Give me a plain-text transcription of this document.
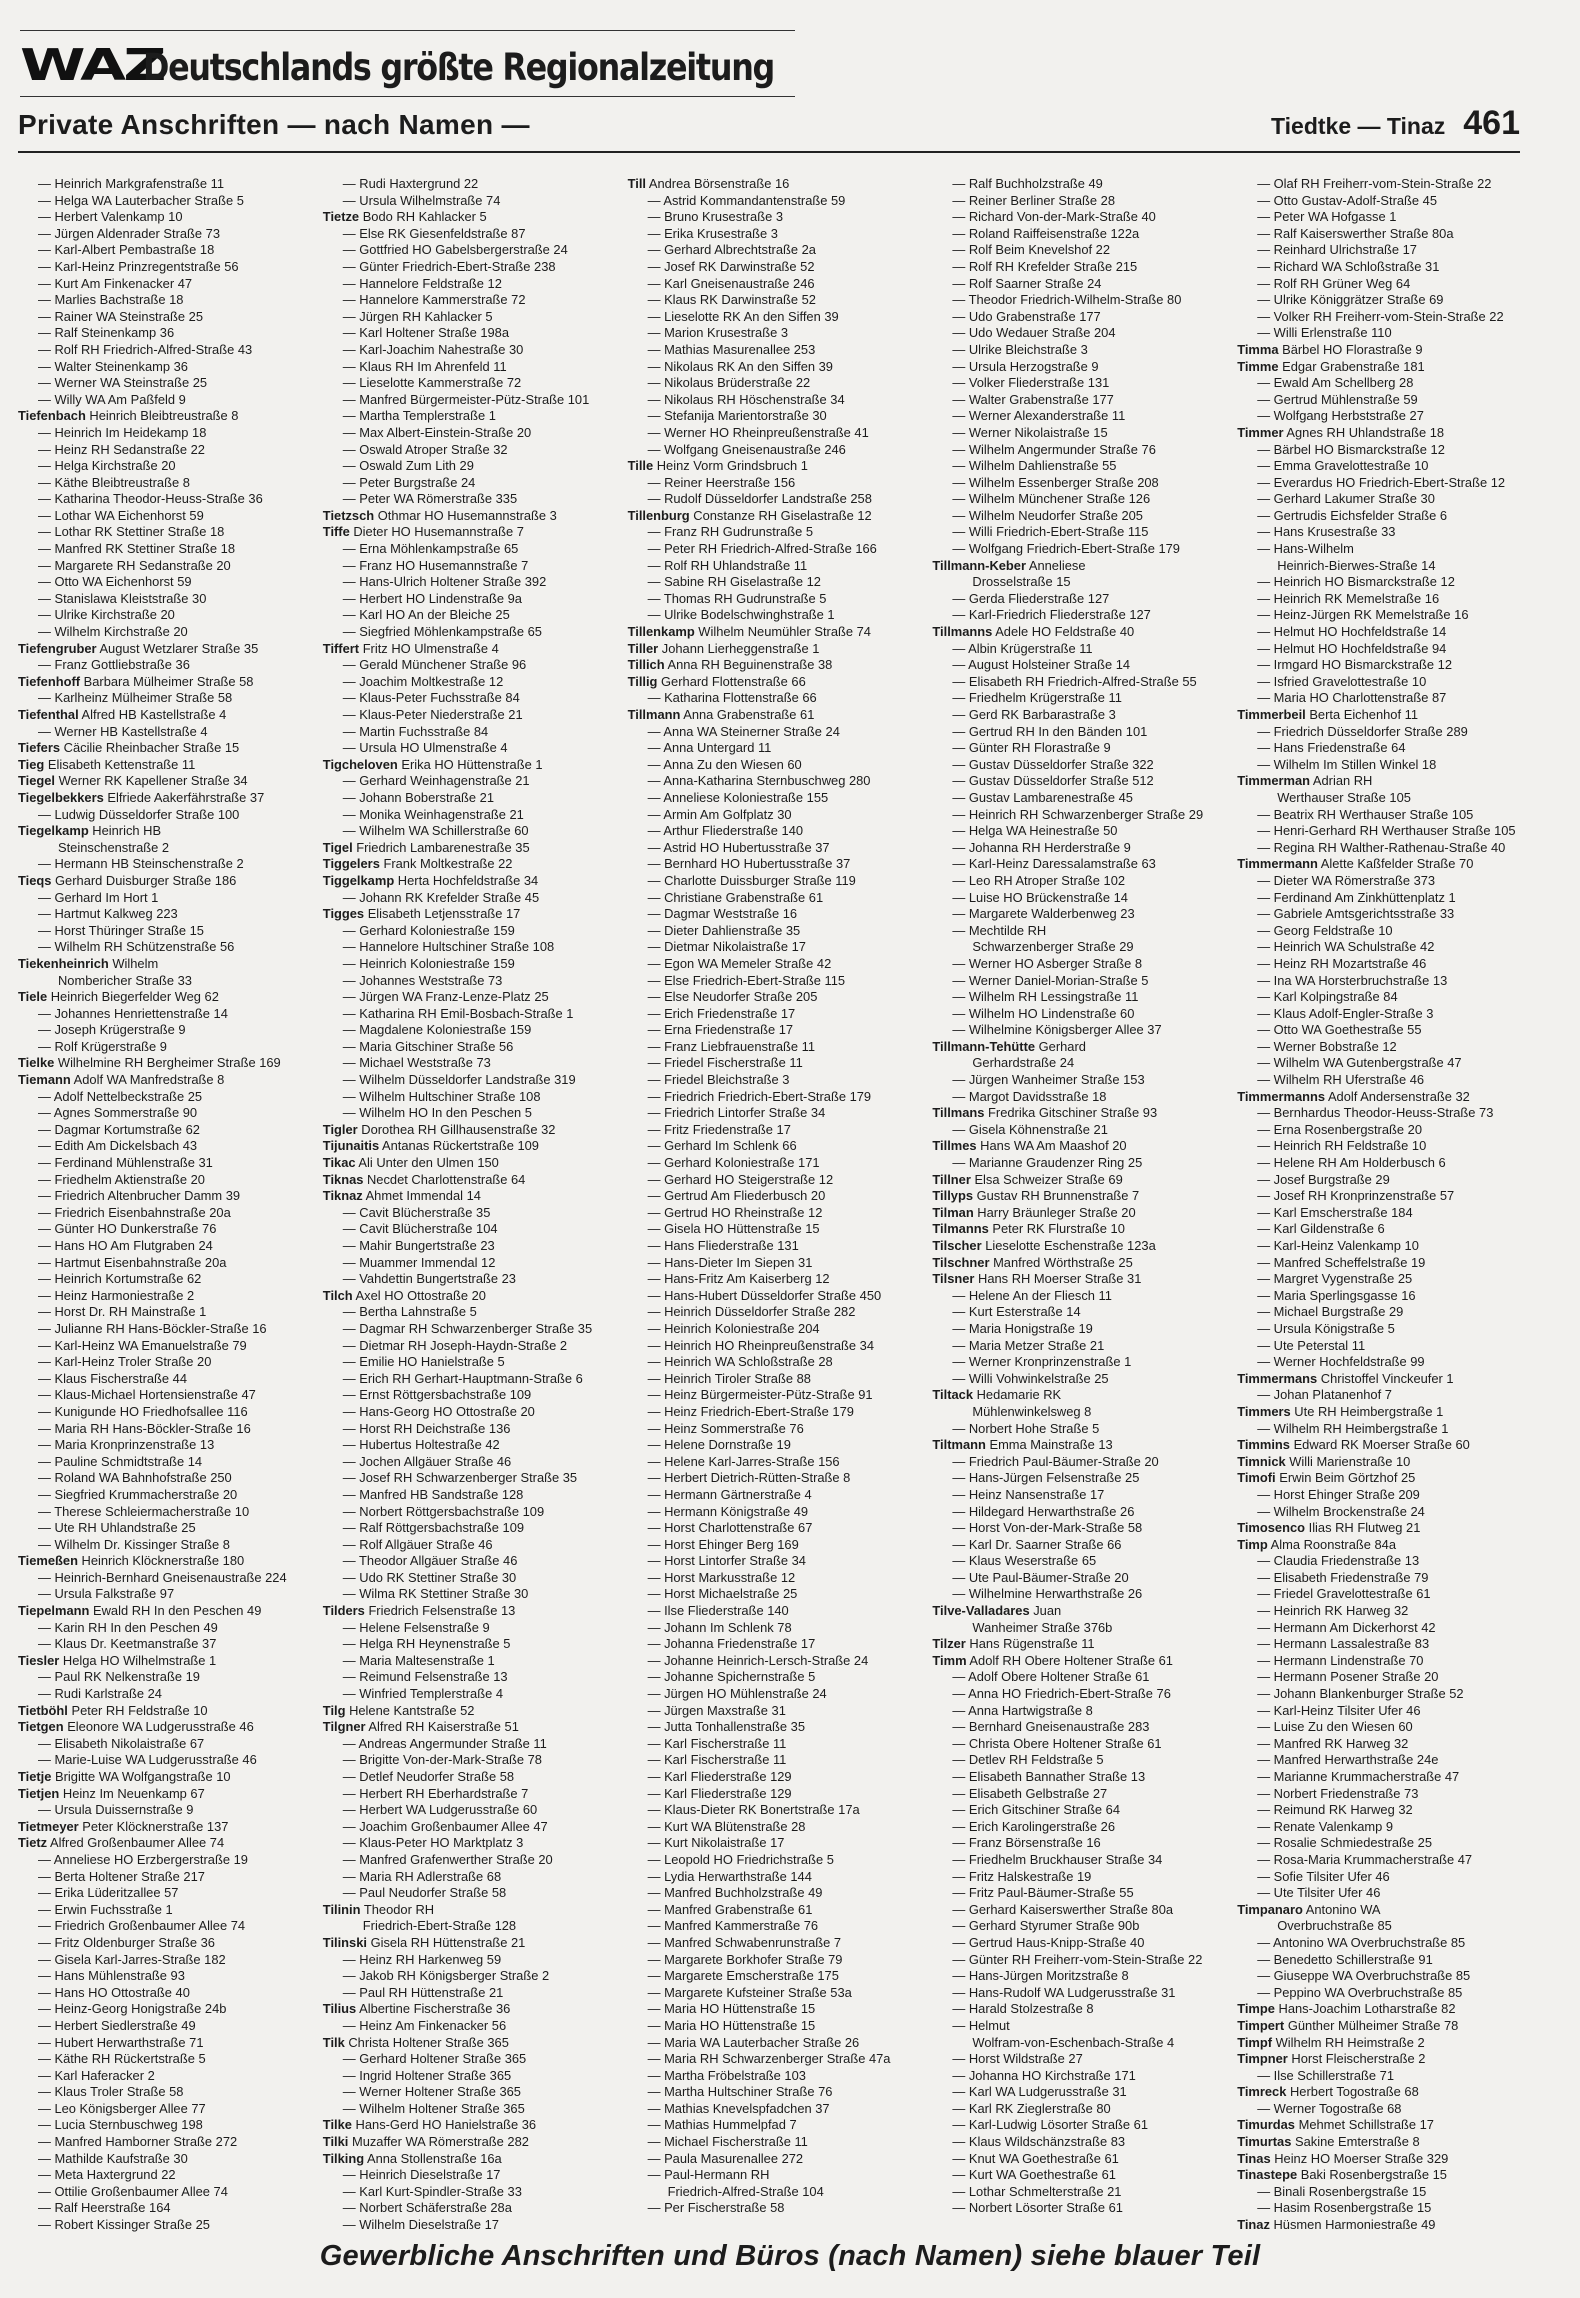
WAZ
Deutschlands größte Regionalzeitung
Private Anschriften — nach Namen —	Tiedtke — Tinaz 461
— Heinrich Markgrafenstraße 11
— Helga WA Lauterbacher Straße 5
— Herbert Valenkamp 10
— Jürgen Aldenrader Straße 73
— Karl-Albert Pembastraße 18
— Karl-Heinz Prinzregentstraße 56
— Kurt Am Finkenacker 47
— Marlies Bachstraße 18
— Rainer WA Steinstraße 25
— Ralf Steinenkamp 36
— Rolf RH Friedrich-Alfred-Straße 43
— Walter Steinenkamp 36
— Werner WA Steinstraße 25
— Willy WA Am Paßfeld 9
Tiefenbach Heinrich Bleibtreustraße 8
— Heinrich Im Heidekamp 18
— Heinz RH Sedanstraße 22
— Helga Kirchstraße 20
— Käthe Bleibtreustraße 8
— Katharina Theodor-Heuss-Straße 36
— Lothar WA Eichenhorst 59
— Lothar RK Stettiner Straße 18
— Manfred RK Stettiner Straße 18
— Margarete RH Sedanstraße 20
— Otto WA Eichenhorst 59
— Stanislawa Kleiststraße 30
— Ulrike Kirchstraße 20
— Wilhelm Kirchstraße 20
Tiefengruber August Wetzlarer Straße 35
— Franz Gottliebstraße 36
Tiefenhoff Barbara Mülheimer Straße 58
— Karlheinz Mülheimer Straße 58
Tiefenthal Alfred HB Kastellstraße 4
— Werner HB Kastellstraße 4
Tiefers Cäcilie Rheinbacher Straße 15
Tieg Elisabeth Kettenstraße 11
Tiegel Werner RK Kapellener Straße 34
Tiegelbekkers Elfriede Aakerfährstraße 37
— Ludwig Düsseldorfer Straße 100
Tiegelkamp Heinrich HB
Steinschenstraße 2
— Hermann HB Steinschenstraße 2
Tieqs Gerhard Duisburger Straße 186
— Gerhard Im Hort 1
— Hartmut Kalkweg 223
— Horst Thüringer Straße 15
— Wilhelm RH Schützenstraße 56
Tiekenheinrich Wilhelm
Nombericher Straße 33
Tiele Heinrich Biegerfelder Weg 62
— Johannes Henriettenstraße 14
— Joseph Krügerstraße 9
— Rolf Krügerstraße 9
Tielke Wilhelmine RH Bergheimer Straße 169
Tiemann Adolf WA Manfredstraße 8
— Adolf Nettelbeckstraße 25
— Agnes Sommerstraße 90
— Dagmar Kortumstraße 62
— Edith Am Dickelsbach 43
— Ferdinand Mühlenstraße 31
— Friedhelm Aktienstraße 20
— Friedrich Altenbrucher Damm 39
— Friedrich Eisenbahnstraße 20a
— Günter HO Dunkerstraße 76
— Hans HO Am Flutgraben 24
— Hartmut Eisenbahnstraße 20a
— Heinrich Kortumstraße 62
— Heinz Harmoniestraße 2
— Horst Dr. RH Mainstraße 1
— Julianne RH Hans-Böckler-Straße 16
— Karl-Heinz WA Emanuelstraße 79
— Karl-Heinz Troler Straße 20
— Klaus Fischerstraße 44
— Klaus-Michael Hortensienstraße 47
— Kunigunde HO Friedhofsallee 116
— Maria RH Hans-Böckler-Straße 16
— Maria Kronprinzenstraße 13
— Pauline Schmidtstraße 14
— Roland WA Bahnhofstraße 250
— Siegfried Krummacherstraße 20
— Therese Schleiermacherstraße 10
— Ute RH Uhlandstraße 25
— Wilhelm Dr. Kissinger Straße 8
Tiemeßen Heinrich Klöcknerstraße 180
— Heinrich-Bernhard Gneisenaustraße 224
— Ursula Falkstraße 97
Tiepelmann Ewald RH In den Peschen 49
— Karin RH In den Peschen 49
— Klaus Dr. Keetmanstraße 37
Tiesler Helga HO Wilhelmstraße 1
— Paul RK Nelkenstraße 19
— Rudi Karlstraße 24
Tietböhl Peter RH Feldstraße 10
Tietgen Eleonore WA Ludgerusstraße 46
— Elisabeth Nikolaistraße 67
— Marie-Luise WA Ludgerusstraße 46
Tietje Brigitte WA Wolfgangstraße 10
Tietjen Heinz Im Neuenkamp 67
— Ursula Duissernstraße 9
Tietmeyer Peter Klöcknerstraße 137
Tietz Alfred Großenbaumer Allee 74
— Anneliese HO Erzbergerstraße 19
— Berta Holtener Straße 217
— Erika Lüderitzallee 57
— Erwin Fuchsstraße 1
— Friedrich Großenbaumer Allee 74
— Fritz Oldenburger Straße 36
— Gisela Karl-Jarres-Straße 182
— Hans Mühlenstraße 93
— Hans HO Ottostraße 40
— Heinz-Georg Honigstraße 24b
— Herbert Siedlerstraße 49
— Hubert Herwarthstraße 71
— Käthe RH Rückertstraße 5
— Karl Haferacker 2
— Klaus Troler Straße 58
— Leo Königsberger Allee 77
— Lucia Sternbuschweg 198
— Manfred Hamborner Straße 272
— Mathilde Kaufstraße 30
— Meta Haxtergrund 22
— Ottilie Großenbaumer Allee 74
— Ralf Heerstraße 164
— Robert Kissinger Straße 25
— Rudi Haxtergrund 22
— Ursula Wilhelmstraße 74
Tietze Bodo RH Kahlacker 5
— Else RK Giesenfeldstraße 87
— Gottfried HO Gabelsbergerstraße 24
— Günter Friedrich-Ebert-Straße 238
— Hannelore Feldstraße 12
— Hannelore Kammerstraße 72
— Jürgen RH Kahlacker 5
— Karl Holtener Straße 198a
— Karl-Joachim Nahestraße 30
— Klaus RH Im Ahrenfeld 11
— Lieselotte Kammerstraße 72
— Manfred Bürgermeister-Pütz-Straße 101
— Martha Templerstraße 1
— Max Albert-Einstein-Straße 20
— Oswald Atroper Straße 32
— Oswald Zum Lith 29
— Peter Burgstraße 24
— Peter WA Römerstraße 335
Tietzsch Othmar HO Husemannstraße 3
Tiffe Dieter HO Husemannstraße 7
— Erna Möhlenkampstraße 65
— Franz HO Husemannstraße 7
— Hans-Ulrich Holtener Straße 392
— Herbert HO Lindenstraße 9a
— Karl HO An der Bleiche 25
— Siegfried Möhlenkampstraße 65
Tiffert Fritz HO Ulmenstraße 4
— Gerald Münchener Straße 96
— Joachim Moltkestraße 12
— Klaus-Peter Fuchsstraße 84
— Klaus-Peter Niederstraße 21
— Martin Fuchsstraße 84
— Ursula HO Ulmenstraße 4
Tigcheloven Erika HO Hüttenstraße 1
— Gerhard Weinhagenstraße 21
— Johann Boberstraße 21
— Monika Weinhagenstraße 21
— Wilhelm WA Schillerstraße 60
Tigel Friedrich Lambarenestraße 35
Tiggelers Frank Moltkestraße 22
Tiggelkamp Herta Hochfeldstraße 34
— Johann RK Krefelder Straße 45
Tigges Elisabeth Letjensstraße 17
— Gerhard Koloniestraße 159
— Hannelore Hultschiner Straße 108
— Heinrich Koloniestraße 159
— Johannes Weststraße 73
— Jürgen WA Franz-Lenze-Platz 25
— Katharina RH Emil-Bosbach-Straße 1
— Magdalene Koloniestraße 159
— Maria Gitschiner Straße 56
— Michael Weststraße 73
— Wilhelm Düsseldorfer Landstraße 319
— Wilhelm Hultschiner Straße 108
— Wilhelm HO In den Peschen 5
Tigler Dorothea RH Gillhausenstraße 32
Tijunaitis Antanas Rückertstraße 109
Tikac Ali Unter den Ulmen 150
Tiknas Necdet Charlottenstraße 64
Tiknaz Ahmet Immendal 14
— Cavit Blücherstraße 35
— Cavit Blücherstraße 104
— Mahir Bungertstraße 23
— Muammer Immendal 12
— Vahdettin Bungertstraße 23
Tilch Axel HO Ottostraße 20
— Bertha Lahnstraße 5
— Dagmar RH Schwarzenberger Straße 35
— Dietmar RH Joseph-Haydn-Straße 2
— Emilie HO Hanielstraße 5
— Erich RH Gerhart-Hauptmann-Straße 6
— Ernst Röttgersbachstraße 109
— Hans-Georg HO Ottostraße 20
— Horst RH Deichstraße 136
— Hubertus Holtestraße 42
— Jochen Allgäuer Straße 46
— Josef RH Schwarzenberger Straße 35
— Manfred HB Sandstraße 128
— Norbert Röttgersbachstraße 109
— Ralf Röttgersbachstraße 109
— Rolf Allgäuer Straße 46
— Theodor Allgäuer Straße 46
— Udo RK Stettiner Straße 30
— Wilma RK Stettiner Straße 30
Tilders Friedrich Felsenstraße 13
— Helene Felsenstraße 9
— Helga RH Heynenstraße 5
— Maria Maltesenstraße 1
— Reimund Felsenstraße 13
— Winfried Templerstraße 4
Tilg Helene Kantstraße 52
Tilgner Alfred RH Kaiserstraße 51
— Andreas Angermunder Straße 11
— Brigitte Von-der-Mark-Straße 78
— Detlef Neudorfer Straße 58
— Herbert RH Eberhardstraße 7
— Herbert WA Ludgerusstraße 60
— Joachim Großenbaumer Allee 47
— Klaus-Peter HO Marktplatz 3
— Manfred Grafenwerther Straße 20
— Maria RH Adlerstraße 68
— Paul Neudorfer Straße 58
Tilinin Theodor RH
Friedrich-Ebert-Straße 128
Tilinski Gisela RH Hüttenstraße 21
— Heinz RH Harkenweg 59
— Jakob RH Königsberger Straße 2
— Paul RH Hüttenstraße 21
Tilius Albertine Fischerstraße 36
— Heinz Am Finkenacker 56
Tilk Christa Holtener Straße 365
— Gerhard Holtener Straße 365
— Ingrid Holtener Straße 365
— Werner Holtener Straße 365
— Wilhelm Holtener Straße 365
Tilke Hans-Gerd HO Hanielstraße 36
Tilki Muzaffer WA Römerstraße 282
Tilking Anna Stollenstraße 16a
— Heinrich Dieselstraße 17
— Karl Kurt-Spindler-Straße 33
— Norbert Schäferstraße 28a
— Wilhelm Dieselstraße 17
Till Andrea Börsenstraße 16
— Astrid Kommandantenstraße 59
— Bruno Krusestraße 3
— Erika Krusestraße 3
— Gerhard Albrechtstraße 2a
— Josef RK Darwinstraße 52
— Karl Gneisenaustraße 246
— Klaus RK Darwinstraße 52
— Lieselotte RK An den Siffen 39
— Marion Krusestraße 3
— Mathias Masurenallee 253
— Nikolaus RK An den Siffen 39
— Nikolaus Brüderstraße 22
— Nikolaus RH Höschenstraße 34
— Stefanija Marientorstraße 30
— Werner HO Rheinpreußenstraße 41
— Wolfgang Gneisenaustraße 246
Tille Heinz Vorm Grindsbruch 1
— Reiner Heerstraße 156
— Rudolf Düsseldorfer Landstraße 258
Tillenburg Constanze RH Giselastraße 12
— Franz RH Gudrunstraße 5
— Peter RH Friedrich-Alfred-Straße 166
— Rolf RH Uhlandstraße 11
— Sabine RH Giselastraße 12
— Thomas RH Gudrunstraße 5
— Ulrike Bodelschwinghstraße 1
Tillenkamp Wilhelm Neumühler Straße 74
Tiller Johann Lierheggenstraße 1
Tillich Anna RH Beguinenstraße 38
Tillig Gerhard Flottenstraße 66
— Katharina Flottenstraße 66
Tillmann Anna Grabenstraße 61
— Anna WA Steinerner Straße 24
— Anna Untergard 11
— Anna Zu den Wiesen 60
— Anna-Katharina Sternbuschweg 280
— Anneliese Koloniestraße 155
— Armin Am Golfplatz 30
— Arthur Fliederstraße 140
— Astrid HO Hubertusstraße 37
— Bernhard HO Hubertusstraße 37
— Charlotte Duissburger Straße 119
— Christiane Grabenstraße 61
— Dagmar Weststraße 16
— Dieter Dahlienstraße 35
— Dietmar Nikolaistraße 17
— Egon WA Memeler Straße 42
— Else Friedrich-Ebert-Straße 115
— Else Neudorfer Straße 205
— Erich Friedenstraße 17
— Erna Friedenstraße 17
— Franz Liebfrauenstraße 11
— Friedel Fischerstraße 11
— Friedel Bleichstraße 3
— Friedrich Friedrich-Ebert-Straße 179
— Friedrich Lintorfer Straße 34
— Fritz Friedenstraße 17
— Gerhard Im Schlenk 66
— Gerhard Koloniestraße 171
— Gerhard HO Steigerstraße 12
— Gertrud Am Fliederbusch 20
— Gertrud HO Rheinstraße 12
— Gisela HO Hüttenstraße 15
— Hans Fliederstraße 131
— Hans-Dieter Im Siepen 31
— Hans-Fritz Am Kaiserberg 12
— Hans-Hubert Düsseldorfer Straße 450
— Heinrich Düsseldorfer Straße 282
— Heinrich Koloniestraße 204
— Heinrich HO Rheinpreußenstraße 34
— Heinrich WA Schloßstraße 28
— Heinrich Tiroler Straße 88
— Heinz Bürgermeister-Pütz-Straße 91
— Heinz Friedrich-Ebert-Straße 179
— Heinz Sommerstraße 76
— Helene Dornstraße 19
— Helene Karl-Jarres-Straße 156
— Herbert Dietrich-Rütten-Straße 8
— Hermann Gärtnerstraße 4
— Hermann Königstraße 49
— Horst Charlottenstraße 67
— Horst Ehinger Berg 169
— Horst Lintorfer Straße 34
— Horst Markusstraße 12
— Horst Michaelstraße 25
— Ilse Fliederstraße 140
— Johann Im Schlenk 78
— Johanna Friedenstraße 17
— Johanne Heinrich-Lersch-Straße 24
— Johanne Spichernstraße 5
— Jürgen HO Mühlenstraße 24
— Jürgen Maxstraße 31
— Jutta Tonhallenstraße 35
— Karl Fischerstraße 11
— Karl Fischerstraße 11
— Karl Fliederstraße 129
— Karl Fliederstraße 129
— Klaus-Dieter RK Bonertstraße 17a
— Kurt WA Blütenstraße 28
— Kurt Nikolaistraße 17
— Leopold HO Friedrichstraße 5
— Lydia Herwarthstraße 144
— Manfred Buchholzstraße 49
— Manfred Grabenstraße 61
— Manfred Kammerstraße 76
— Manfred Schwabenrunstraße 7
— Margarete Borkhofer Straße 79
— Margarete Emscherstraße 175
— Margarete Kufsteiner Straße 53a
— Maria HO Hüttenstraße 15
— Maria HO Hüttenstraße 15
— Maria WA Lauterbacher Straße 26
— Maria RH Schwarzenberger Straße 47a
— Martha Fröbelstraße 103
— Martha Hultschiner Straße 76
— Mathias Knevelspfadchen 37
— Mathias Hummelpfad 7
— Michael Fischerstraße 11
— Paula Masurenallee 272
— Paul-Hermann RH
Friedrich-Alfred-Straße 104
— Per Fischerstraße 58
— Ralf Buchholzstraße 49
— Reiner Berliner Straße 28
— Richard Von-der-Mark-Straße 40
— Roland Raiffeisenstraße 122a
— Rolf Beim Knevelshof 22
— Rolf RH Krefelder Straße 215
— Rolf Saarner Straße 24
— Theodor Friedrich-Wilhelm-Straße 80
— Udo Grabenstraße 177
— Udo Wedauer Straße 204
— Ulrike Bleichstraße 3
— Ursula Herzogstraße 9
— Volker Fliederstraße 131
— Walter Grabenstraße 177
— Werner Alexanderstraße 11
— Werner Nikolaistraße 15
— Wilhelm Angermunder Straße 76
— Wilhelm Dahlienstraße 55
— Wilhelm Essenberger Straße 208
— Wilhelm Münchener Straße 126
— Wilhelm Neudorfer Straße 205
— Willi Friedrich-Ebert-Straße 115
— Wolfgang Friedrich-Ebert-Straße 179
Tillmann-Keber Anneliese
Drosselstraße 15
— Gerda Fliederstraße 127
— Karl-Friedrich Fliederstraße 127
Tillmanns Adele HO Feldstraße 40
— Albin Krügerstraße 11
— August Holsteiner Straße 14
— Elisabeth RH Friedrich-Alfred-Straße 55
— Friedhelm Krügerstraße 11
— Gerd RK Barbarastraße 3
— Gertrud RH In den Bänden 101
— Günter RH Florastraße 9
— Gustav Düsseldorfer Straße 322
— Gustav Düsseldorfer Straße 512
— Gustav Lambarenestraße 45
— Heinrich RH Schwarzenberger Straße 29
— Helga WA Heinestraße 50
— Johanna RH Herderstraße 9
— Karl-Heinz Daressalamstraße 63
— Leo RH Atroper Straße 102
— Luise HO Brückenstraße 14
— Margarete Walderbenweg 23
— Mechtilde RH
Schwarzenberger Straße 29
— Werner HO Asberger Straße 8
— Werner Daniel-Morian-Straße 5
— Wilhelm RH Lessingstraße 11
— Wilhelm HO Lindenstraße 60
— Wilhelmine Königsberger Allee 37
Tillmann-Tehütte Gerhard
Gerhardstraße 24
— Jürgen Wanheimer Straße 153
— Margot Davidsstraße 18
Tillmans Fredrika Gitschiner Straße 93
— Gisela Köhnenstraße 21
Tillmes Hans WA Am Maashof 20
— Marianne Graudenzer Ring 25
Tillner Elsa Schweizer Straße 69
Tillyps Gustav RH Brunnenstraße 7
Tilman Harry Bräunleger Straße 20
Tilmanns Peter RK Flurstraße 10
Tilscher Lieselotte Eschenstraße 123a
Tilschner Manfred Wörthstraße 25
Tilsner Hans RH Moerser Straße 31
— Helene An der Fliesch 11
— Kurt Esterstraße 14
— Maria Honigstraße 19
— Maria Metzer Straße 21
— Werner Kronprinzenstraße 1
— Willi Vohwinkelstraße 25
Tiltack Hedamarie RK
Mühlenwinkelsweg 8
— Norbert Hohe Straße 5
Tiltmann Emma Mainstraße 13
— Friedrich Paul-Bäumer-Straße 20
— Hans-Jürgen Felsenstraße 25
— Heinz Nansenstraße 17
— Hildegard Herwarthstraße 26
— Horst Von-der-Mark-Straße 58
— Karl Dr. Saarner Straße 66
— Klaus Weserstraße 65
— Ute Paul-Bäumer-Straße 20
— Wilhelmine Herwarthstraße 26
Tilve-Valladares Juan
Wanheimer Straße 376b
Tilzer Hans Rügenstraße 11
Timm Adolf RH Obere Holtener Straße 61
— Adolf Obere Holtener Straße 61
— Anna HO Friedrich-Ebert-Straße 76
— Anna Hartwigstraße 8
— Bernhard Gneisenaustraße 283
— Christa Obere Holtener Straße 61
— Detlev RH Feldstraße 5
— Elisabeth Bannather Straße 13
— Elisabeth Gelbstraße 27
— Erich Gitschiner Straße 64
— Erich Karolingerstraße 26
— Franz Börsenstraße 16
— Friedhelm Bruckhauser Straße 34
— Fritz Halskestraße 19
— Fritz Paul-Bäumer-Straße 55
— Gerhard Kaiserswerther Straße 80a
— Gerhard Styrumer Straße 90b
— Gertrud Haus-Knipp-Straße 40
— Günter RH Freiherr-vom-Stein-Straße 22
— Hans-Jürgen Moritzstraße 8
— Hans-Rudolf WA Ludgerusstraße 31
— Harald Stolzestraße 8
— Helmut
Wolfram-von-Eschenbach-Straße 4
— Horst Wildstraße 27
— Johanna HO Kirchstraße 171
— Karl WA Ludgerusstraße 31
— Karl RK Zieglerstraße 80
— Karl-Ludwig Lösorter Straße 61
— Klaus Wildschänzstraße 83
— Knut WA Goethestraße 61
— Kurt WA Goethestraße 61
— Lothar Schmelterstraße 21
— Norbert Lösorter Straße 61
— Olaf RH Freiherr-vom-Stein-Straße 22
— Otto Gustav-Adolf-Straße 45
— Peter WA Hofgasse 1
— Ralf Kaiserswerther Straße 80a
— Reinhard Ulrichstraße 17
— Richard WA Schloßstraße 31
— Rolf RH Grüner Weg 64
— Ulrike Königgrätzer Straße 69
— Volker RH Freiherr-vom-Stein-Straße 22
— Willi Erlenstraße 110
Timma Bärbel HO Florastraße 9
Timme Edgar Grabenstraße 181
— Ewald Am Schellberg 28
— Gertrud Mühlenstraße 59
— Wolfgang Herbststraße 27
Timmer Agnes RH Uhlandstraße 18
— Bärbel HO Bismarckstraße 12
— Emma Gravelottestraße 10
— Everardus HO Friedrich-Ebert-Straße 12
— Gerhard Lakumer Straße 30
— Gertrudis Eichsfelder Straße 6
— Hans Krusestraße 33
— Hans-Wilhelm
Heinrich-Bierwes-Straße 14
— Heinrich HO Bismarckstraße 12
— Heinrich RK Memelstraße 16
— Heinz-Jürgen RK Memelstraße 16
— Helmut HO Hochfeldstraße 14
— Helmut HO Hochfeldstraße 94
— Irmgard HO Bismarckstraße 12
— Isfried Gravelottestraße 10
— Maria HO Charlottenstraße 87
Timmerbeil Berta Eichenhof 11
— Friedrich Düsseldorfer Straße 289
— Hans Friedenstraße 64
— Wilhelm Im Stillen Winkel 18
Timmerman Adrian RH
Werthauser Straße 105
— Beatrix RH Werthauser Straße 105
— Henri-Gerhard RH Werthauser Straße 105
— Regina RH Walther-Rathenau-Straße 40
Timmermann Alette Kaßfelder Straße 70
— Dieter WA Römerstraße 373
— Ferdinand Am Zinkhüttenplatz 1
— Gabriele Amtsgerichtsstraße 33
— Georg Feldstraße 10
— Heinrich WA Schulstraße 42
— Heinz RH Mozartstraße 46
— Ina WA Horsterbruchstraße 13
— Karl Kolpingstraße 84
— Klaus Adolf-Engler-Straße 3
— Otto WA Goethestraße 55
— Werner Bobstraße 12
— Wilhelm WA Gutenbergstraße 47
— Wilhelm RH Uferstraße 46
Timmermanns Adolf Andersenstraße 32
— Bernhardus Theodor-Heuss-Straße 73
— Erna Rosenbergstraße 20
— Heinrich RH Feldstraße 10
— Helene RH Am Holderbusch 6
— Josef Burgstraße 29
— Josef RH Kronprinzenstraße 57
— Karl Emscherstraße 184
— Karl Gildenstraße 6
— Karl-Heinz Valenkamp 10
— Manfred Scheffelstraße 19
— Margret Vygenstraße 25
— Maria Sperlingsgasse 16
— Michael Burgstraße 29
— Ursula Königstraße 5
— Ute Peterstal 11
— Werner Hochfeldstraße 99
Timmermans Christoffel Vinckeufer 1
— Johan Platanenhof 7
Timmers Ute RH Heimbergstraße 1
— Wilhelm RH Heimbergstraße 1
Timmins Edward RK Moerser Straße 60
Timnick Willi Marienstraße 10
Timofi Erwin Beim Görtzhof 25
— Horst Ehinger Straße 209
— Wilhelm Brockenstraße 24
Timosenco Ilias RH Flutweg 21
Timp Alma Roonstraße 84a
— Claudia Friedenstraße 13
— Elisabeth Friedenstraße 79
— Friedel Gravelottestraße 61
— Heinrich RK Harweg 32
— Hermann Am Dickerhorst 42
— Hermann Lassalestraße 83
— Hermann Lindenstraße 70
— Hermann Posener Straße 20
— Johann Blankenburger Straße 52
— Karl-Heinz Tilsiter Ufer 46
— Luise Zu den Wiesen 60
— Manfred RK Harweg 32
— Manfred Herwarthstraße 24e
— Marianne Krummacherstraße 47
— Norbert Friedenstraße 73
— Reimund RK Harweg 32
— Renate Valenkamp 9
— Rosalie Schmiedestraße 25
— Rosa-Maria Krummacherstraße 47
— Sofie Tilsiter Ufer 46
— Ute Tilsiter Ufer 46
Timpanaro Antonino WA
Overbruchstraße 85
— Antonino WA Overbruchstraße 85
— Benedetto Schillerstraße 91
— Giuseppe WA Overbruchstraße 85
— Peppino WA Overbruchstraße 85
Timpe Hans-Joachim Lotharstraße 82
Timpert Günther Mülheimer Straße 78
Timpf Wilhelm RH Heimstraße 2
Timpner Horst Fleischerstraße 2
— Ilse Schillerstraße 71
Timreck Herbert Togostraße 68
— Werner Togostraße 68
Timurdas Mehmet Schillstraße 17
Timurtas Sakine Emterstraße 8
Tinas Heinz HO Moerser Straße 329
Tinastepe Baki Rosenbergstraße 15
— Binali Rosenbergstraße 15
— Hasim Rosenbergstraße 15
Tinaz Hüsmen Harmoniestraße 49
Gewerbliche Anschriften und Büros (nach Namen) siehe blauer Teil
